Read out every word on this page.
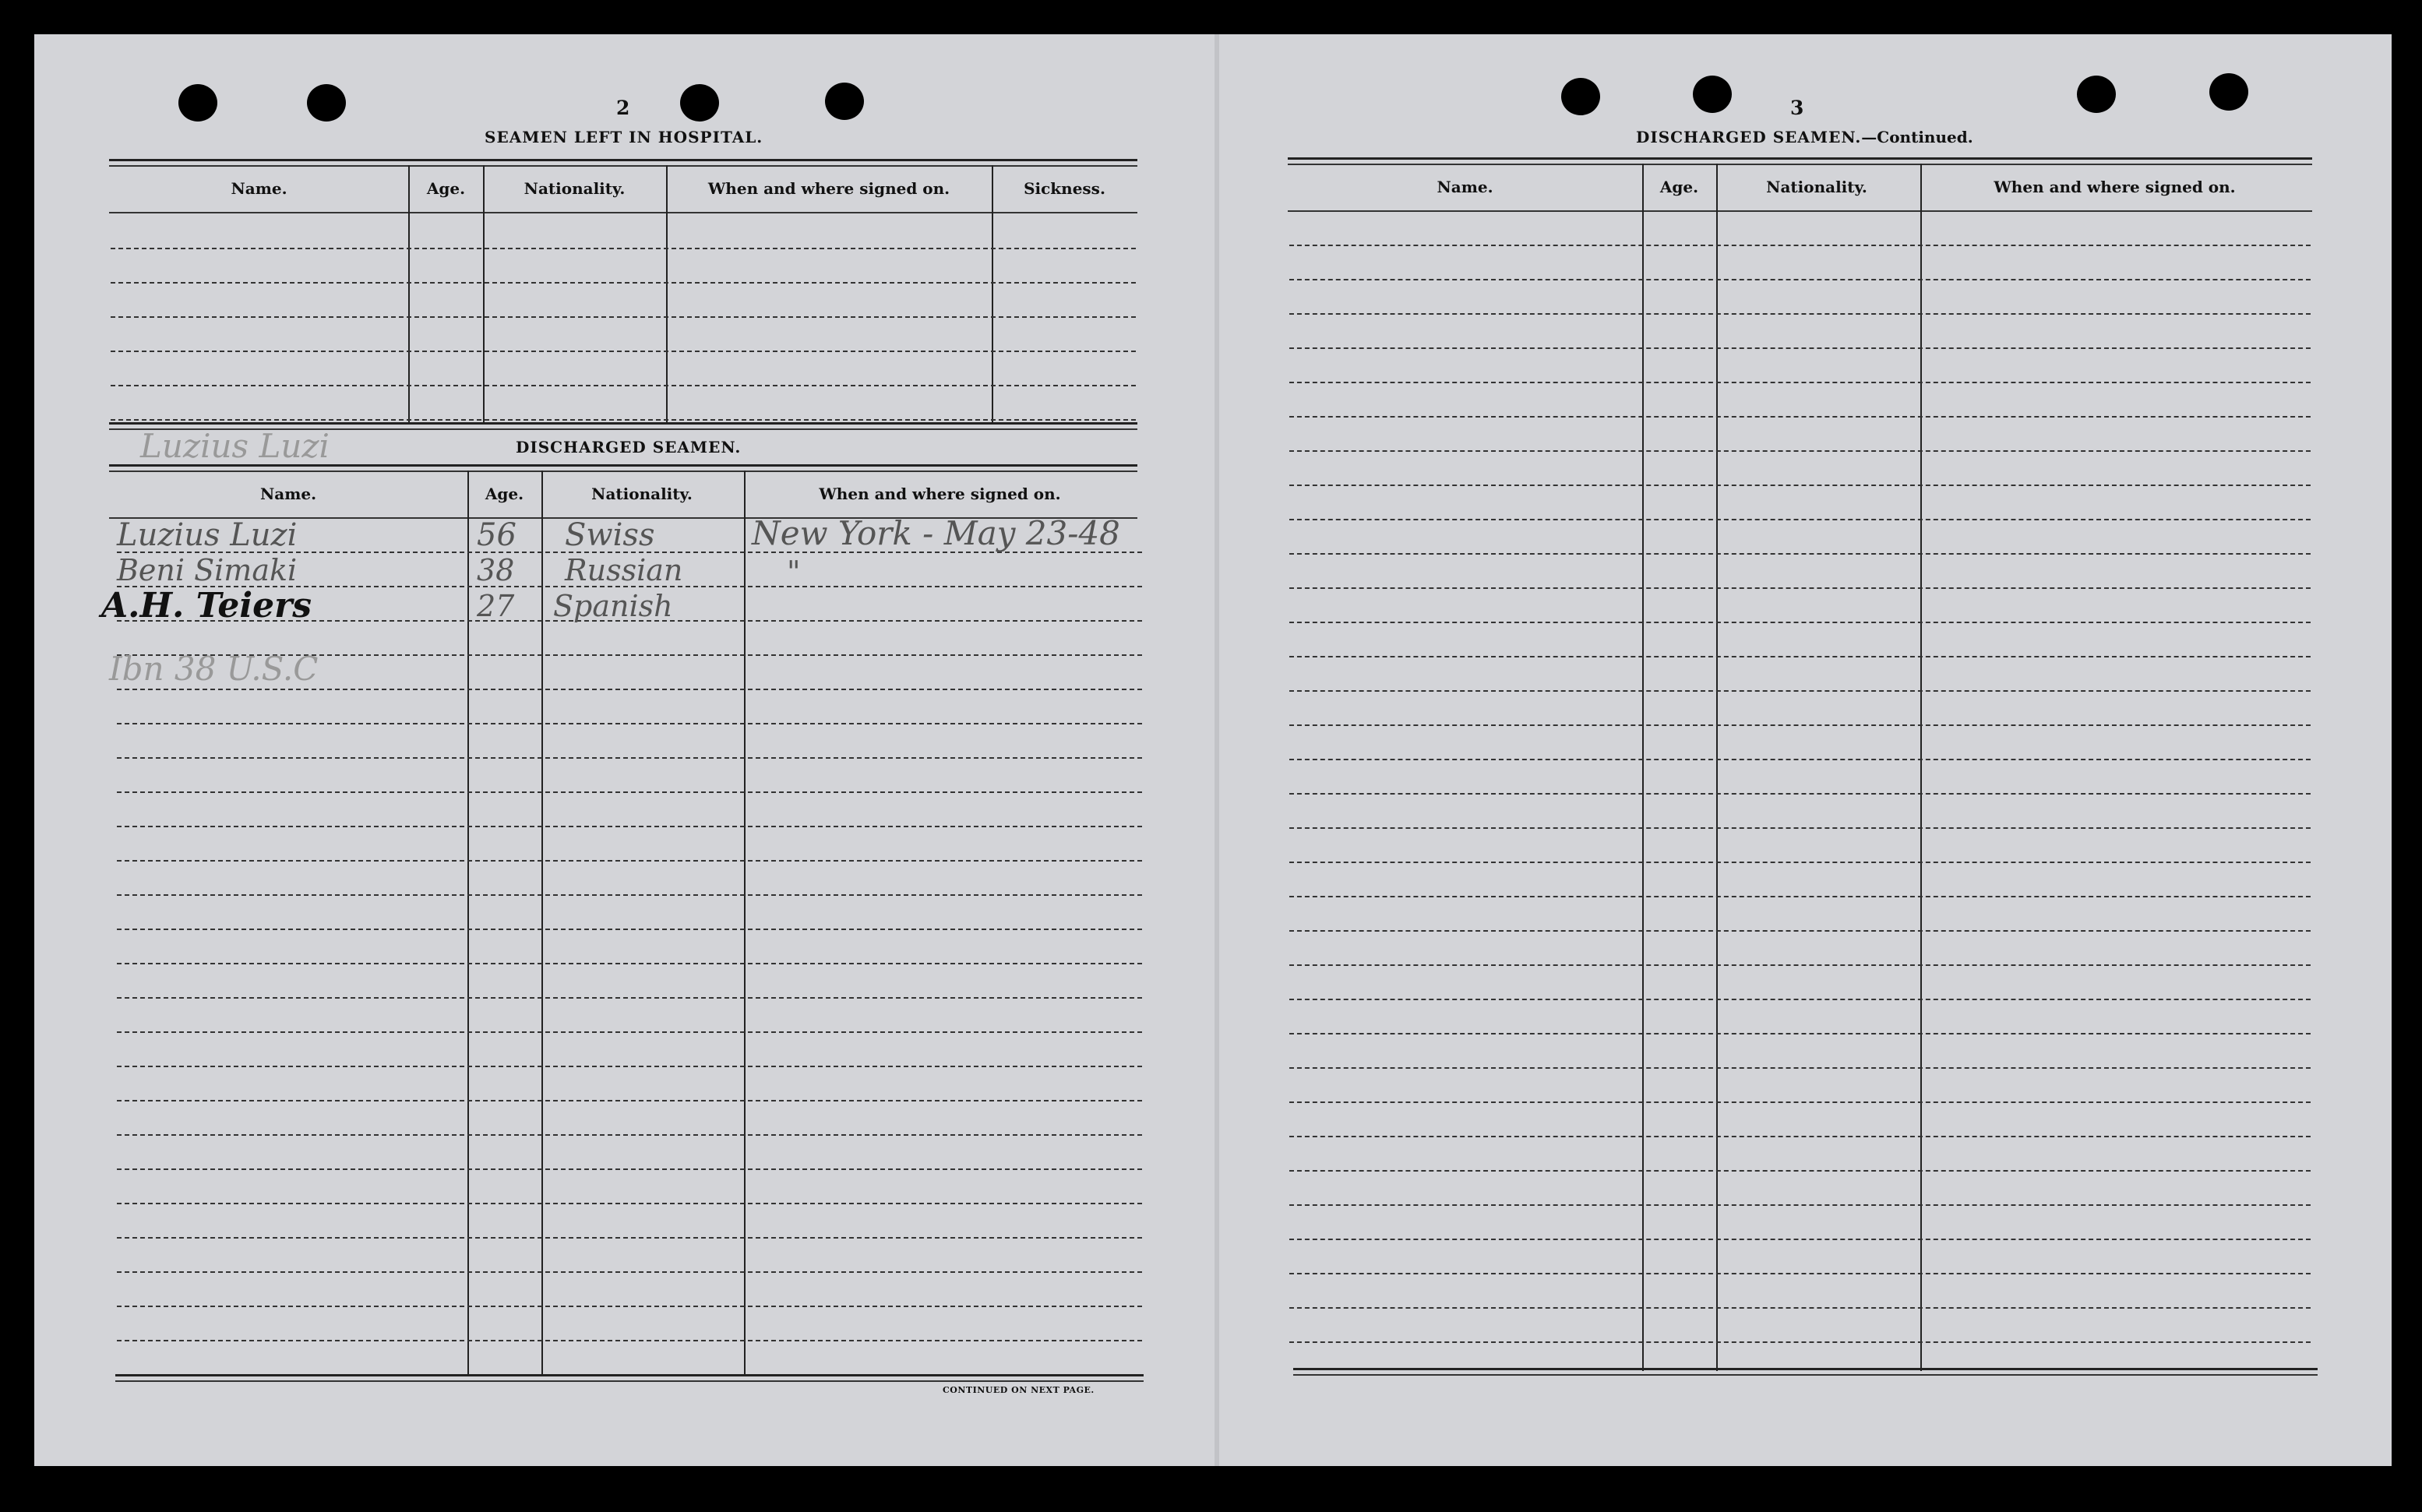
2
SEAMEN LEFT IN HOSPITAL.
Name.	Age.	Nationality.	When and where signed on.	Sickness.
Luzius Luzi	DISCHARGED SEAMEN.
Name.	Age.	Nationality.	When and where signed on.
Luzius Luzi	56 Swiss	New York - May 23-48
Beni Simaki	38 Russian	"
A.H. Teiers	27 Spanish
Ibn 38 U.S.C
CONTINUED ON NEXT PAGE.
3
DISCHARGED SEAMEN.—Continued.
Name.	Age.	Nationality.	When and where signed on.
